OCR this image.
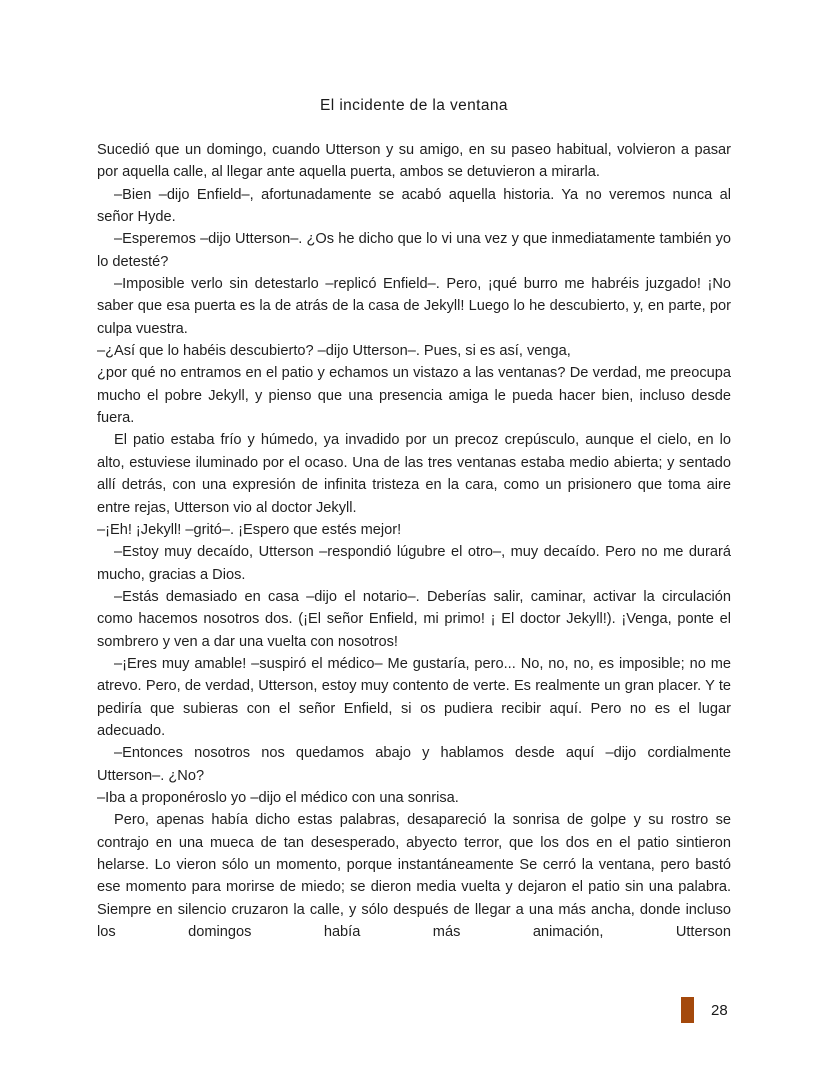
El incidente de la ventana

Sucedió que un domingo, cuando Utterson y su amigo, en su paseo habitual, volvieron a pasar por aquella calle, al llegar ante aquella puerta, ambos se detuvieron a mirarla.

–Bien –dijo Enfield–, afortunadamente se acabó aquella historia. Ya no veremos nunca al señor Hyde.

–Esperemos –dijo Utterson–. ¿Os he dicho que lo vi una vez y que inmediatamente también yo lo detesté?

–Imposible verlo sin detestarlo –replicó Enfield–. Pero, ¡qué burro me habréis juzgado! ¡No saber que esa puerta es la de atrás de la casa de Jekyll! Luego lo he descubierto, y, en parte, por culpa vuestra.

–¿Así que lo habéis descubierto? –dijo Utterson–. Pues, si es así, venga,

¿por qué no entramos en el patio y echamos un vistazo a las ventanas? De verdad, me preocupa mucho el pobre Jekyll, y pienso que una presencia amiga le pueda hacer bien, incluso desde fuera.

El patio estaba frío y húmedo, ya invadido por un precoz crepúsculo, aunque el cielo, en lo alto, estuviese iluminado por el ocaso. Una de las tres ventanas estaba medio abierta; y sentado allí detrás, con una expresión de infinita tristeza en la cara, como un prisionero que toma aire entre rejas, Utterson vio al doctor Jekyll.

–¡Eh! ¡Jekyll! –gritó–. ¡Espero que estés mejor!

–Estoy muy decaído, Utterson –respondió lúgubre el otro–, muy decaído. Pero no me durará mucho, gracias a Dios.

–Estás demasiado en casa –dijo el notario–. Deberías salir, caminar, activar la circulación como hacemos nosotros dos. (¡El señor Enfield, mi primo! ¡ El doctor Jekyll!). ¡Venga, ponte el sombrero y ven a dar una vuelta con nosotros!

–¡Eres muy amable! –suspiró el médico– Me gustaría, pero... No, no, no, es imposible; no me atrevo. Pero, de verdad, Utterson, estoy muy contento de verte. Es realmente un gran placer. Y te pediría que subieras con el señor Enfield, si os pudiera recibir aquí. Pero no es el lugar adecuado.

–Entonces nosotros nos quedamos abajo y hablamos desde aquí –dijo cordialmente Utterson–. ¿No?

–Iba a proponéroslo yo –dijo el médico con una sonrisa.

Pero, apenas había dicho estas palabras, desapareció la sonrisa de golpe y su rostro se contrajo en una mueca de tan desesperado, abyecto terror, que los dos en el patio sintieron helarse. Lo vieron sólo un momento, porque instantáneamente Se cerró la ventana, pero bastó ese momento para morirse de miedo; se dieron media vuelta y dejaron el patio sin una palabra. Siempre en silencio cruzaron la calle, y sólo después de llegar a una más ancha, donde incluso los domingos había más animación, Utterson

28
